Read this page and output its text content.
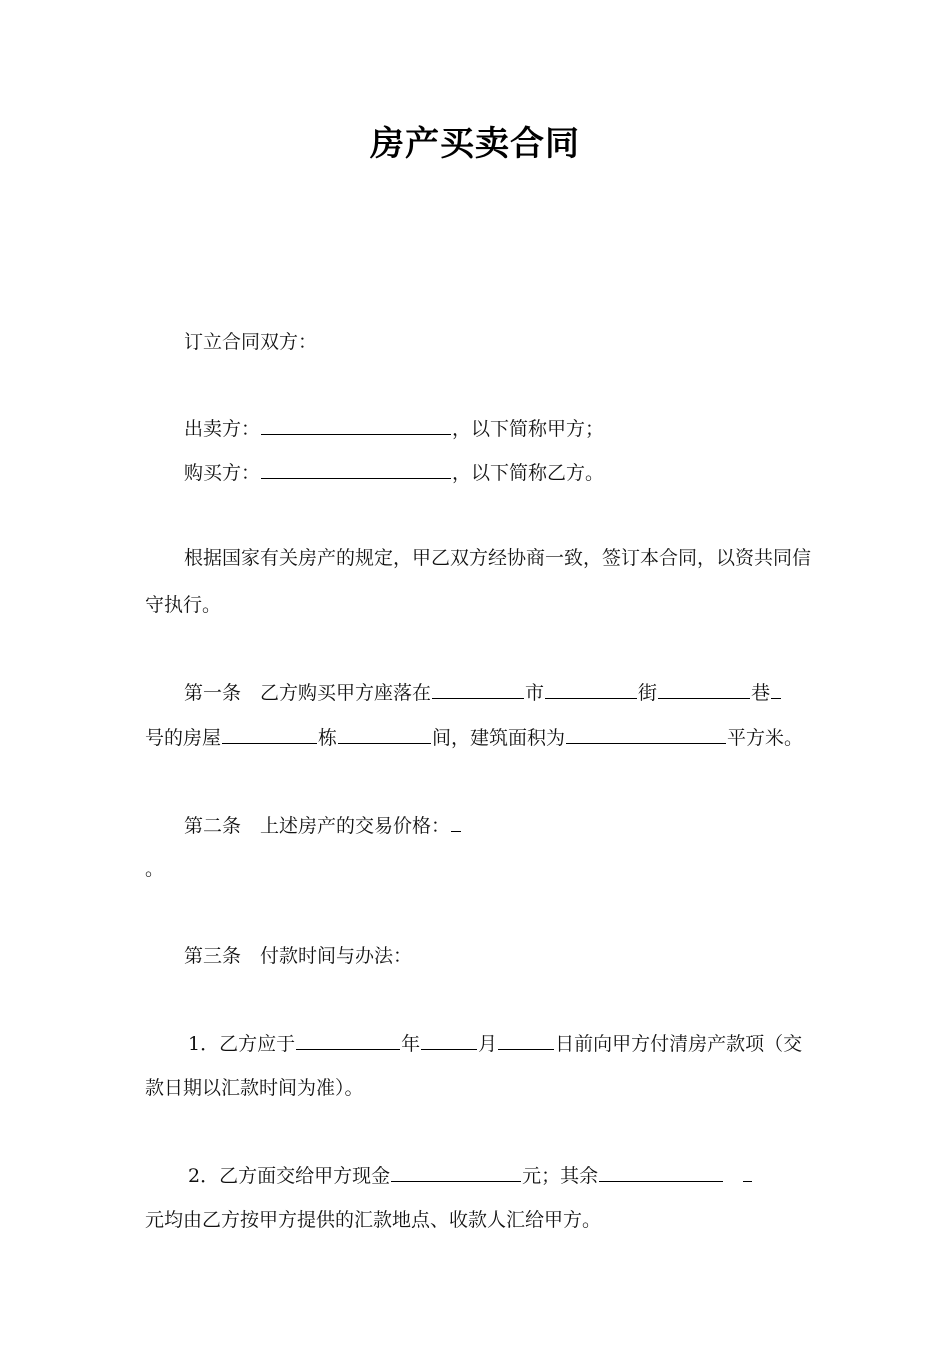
房产买卖合同
订立合同双方：
出卖方：	，以下简称甲方；
购买方：	，以下简称乙方。
根据国家有关房产的规定，甲乙双方经协商一致，签订本合同，以资共同信
守执行。
第一条 乙方购买甲方座落在	市	街	巷
号的房屋	栋	间，建筑面积为	平方米。
第二条 上述房产的交易价格：
。
第三条 付款时间与办法：
1．乙方应于	年	月	日前向甲方付清房产款项（交
款日期以汇款时间为准）。
2．乙方面交给甲方现金	元；其余
元均由乙方按甲方提供的汇款地点、收款人汇给甲方。
